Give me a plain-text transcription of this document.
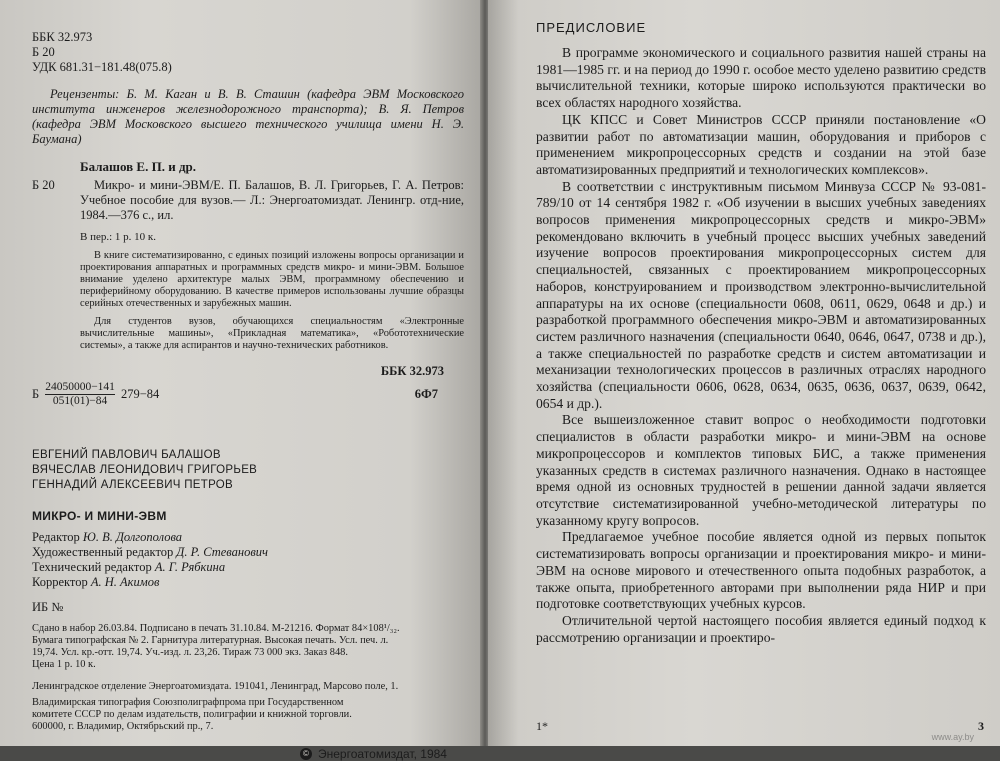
ББК 32.973

Б 20

УДК 681.31−181.48(075.8)

Рецензенты: Б. М. Каган и В. В. Сташин (кафедра ЭВМ Московского института инженеров железнодорожного транспорта); В. Я. Петров (кафедра ЭВМ Московского высшего технического училища имени Н. Э. Баумана)

Балашов Е. П. и др.

Б 20	Микро- и мини-ЭВМ/Е. П. Балашов, В. Л. Григорьев, Г. А. Петров: Учебное пособие для вузов.— Л.: Энергоатомиздат. Ленингр. отд-ние, 1984.—376 с., ил.

В пер.: 1 р. 10 к.

В книге систематизированно, с единых позиций изложены вопросы организации и проектирования аппаратных и программных средств микро- и мини-ЭВМ. Большое внимание уделено архитектуре малых ЭВМ, программному обеспечению и периферийному оборудованию. В качестве примеров использованы лучшие образцы серийных отечественных и зарубежных машин.

Для студентов вузов, обучающихся специальностям «Электронные вычислительные машины», «Прикладная математика», «Робототехнические системы», а также для аспирантов и научно-технических работников.

ББК 32.973
Б $\frac{24050000-141}{051(01)-84} 279-84$	6Ф7

ЕВГЕНИЙ ПАВЛОВИЧ БАЛАШОВ

ВЯЧЕСЛАВ ЛЕОНИДОВИЧ ГРИГОРЬЕВ

ГЕННАДИЙ АЛЕКСЕЕВИЧ ПЕТРОВ

МИКРО- И МИНИ-ЭВМ

Редактор Ю. В. Долгополова

Художественный редактор Д. Р. Стеванович

Технический редактор А. Г. Рябкина

Корректор А. Н. Акимов

ИБ №

Сдано в набор 26.03.84. Подписано в печать 31.10.84. М-21216. Формат 84×108¹/₃₂.

Бумага типографская № 2. Гарнитура литературная. Высокая печать. Усл. печ. л.

19,74. Усл. кр.-отт. 19,74. Уч.-изд. л. 23,26. Тираж 73 000 экз. Заказ 848.

Цена 1 р. 10 к.

Ленинградское отделение Энергоатомиздата. 191041, Ленинград, Марсово поле, 1.

Владимирская типография Союзполиграфпрома при Государственном

комитете СССР по делам издательств, полиграфии и книжной торговли.

600000, г. Владимир, Октябрьский пр., 7.

© Энергоатомиздат, 1984

ПРЕДИСЛОВИЕ

В программе экономического и социального развития нашей страны на 1981—1985 гг. и на период до 1990 г. особое место уделено развитию средств вычислительной техники, которые широко используются практически во всех областях народного хозяйства.

ЦК КПСС и Совет Министров СССР приняли постановление «О развитии работ по автоматизации машин, оборудования и приборов с применением микропроцессорных средств и создании на этой базе автоматизированных предприятий и технологических комплексов».

В соответствии с инструктивным письмом Минвуза СССР № 93-081-789/10 от 14 сентября 1982 г. «Об изучении в высших учебных заведениях вопросов применения микропроцессорных средств и микро-ЭВМ» рекомендовано включить в учебный процесс высших учебных заведений изучение вопросов проектирования микропроцессорных систем для специальностей, связанных с проектированием микропроцессорных наборов, конструированием и производством электронно-вычислительной аппаратуры на их основе (специальности 0608, 0611, 0629, 0648 и др.) и разработкой программного обеспечения микро-ЭВМ и автоматизированных систем различного назначения (специальности 0640, 0646, 0647, 0738 и др.), а также специальностей по разработке средств и систем автоматизации и механизации технологических процессов в различных отраслях народного хозяйства (специальности 0606, 0628, 0634, 0635, 0636, 0637, 0639, 0642, 0654 и др.).

Все вышеизложенное ставит вопрос о необходимости подготовки специалистов в области разработки микро- и мини-ЭВМ на основе микропроцессоров и комплектов типовых БИС, а также применения указанных средств в системах различного назначения. Однако в настоящее время одной из основных трудностей в решении данной задачи является отсутствие систематизированной учебно-методической литературы по указанному кругу вопросов.

Предлагаемое учебное пособие является одной из первых попыток систематизировать вопросы организации и проектирования микро- и мини-ЭВМ на основе мирового и отечественного опыта подобных разработок, а также опыта, приобретенного авторами при выполнении ряда НИР и при подготовке соответствующих учебных курсов.

Отличительной чертой настоящего пособия является единый подход к рассмотрению организации и проектиро-

1*	3
www.ay.by
